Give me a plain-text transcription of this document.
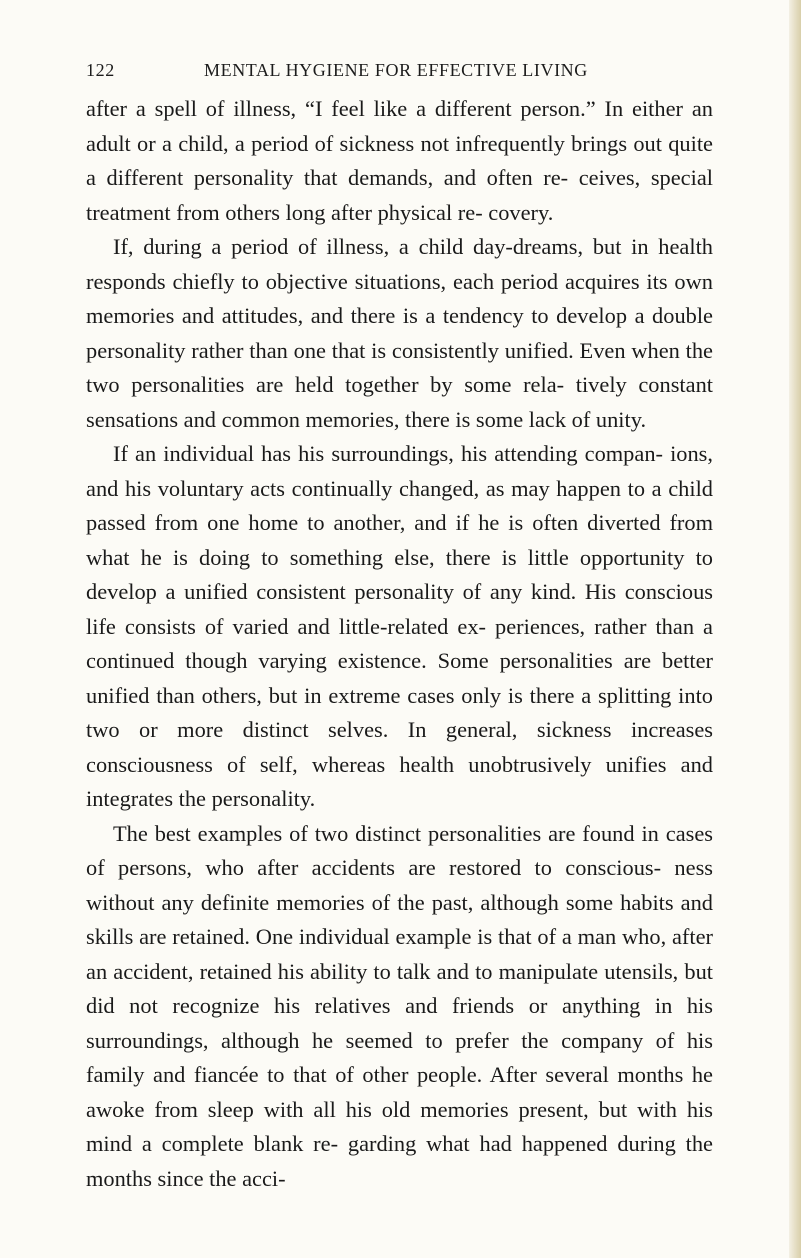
122	MENTAL HYGIENE FOR EFFECTIVE LIVING

after a spell of illness, “I feel like a different person.” In either an adult or a child, a period of sickness not infrequently brings out quite a different personality that demands, and often re- ceives, special treatment from others long after physical re- covery.

If, during a period of illness, a child day-dreams, but in health responds chiefly to objective situations, each period acquires its own memories and attitudes, and there is a tendency to develop a double personality rather than one that is consistently unified. Even when the two personalities are held together by some rela- tively constant sensations and common memories, there is some lack of unity.

If an individual has his surroundings, his attending compan- ions, and his voluntary acts continually changed, as may happen to a child passed from one home to another, and if he is often diverted from what he is doing to something else, there is little opportunity to develop a unified consistent personality of any kind. His conscious life consists of varied and little-related ex- periences, rather than a continued though varying existence. Some personalities are better unified than others, but in extreme cases only is there a splitting into two or more distinct selves. In general, sickness increases consciousness of self, whereas health unobtrusively unifies and integrates the personality.

The best examples of two distinct personalities are found in cases of persons, who after accidents are restored to conscious- ness without any definite memories of the past, although some habits and skills are retained. One individual example is that of a man who, after an accident, retained his ability to talk and to manipulate utensils, but did not recognize his relatives and friends or anything in his surroundings, although he seemed to prefer the company of his family and fiancée to that of other people. After several months he awoke from sleep with all his old memories present, but with his mind a complete blank re- garding what had happened during the months since the acci-
